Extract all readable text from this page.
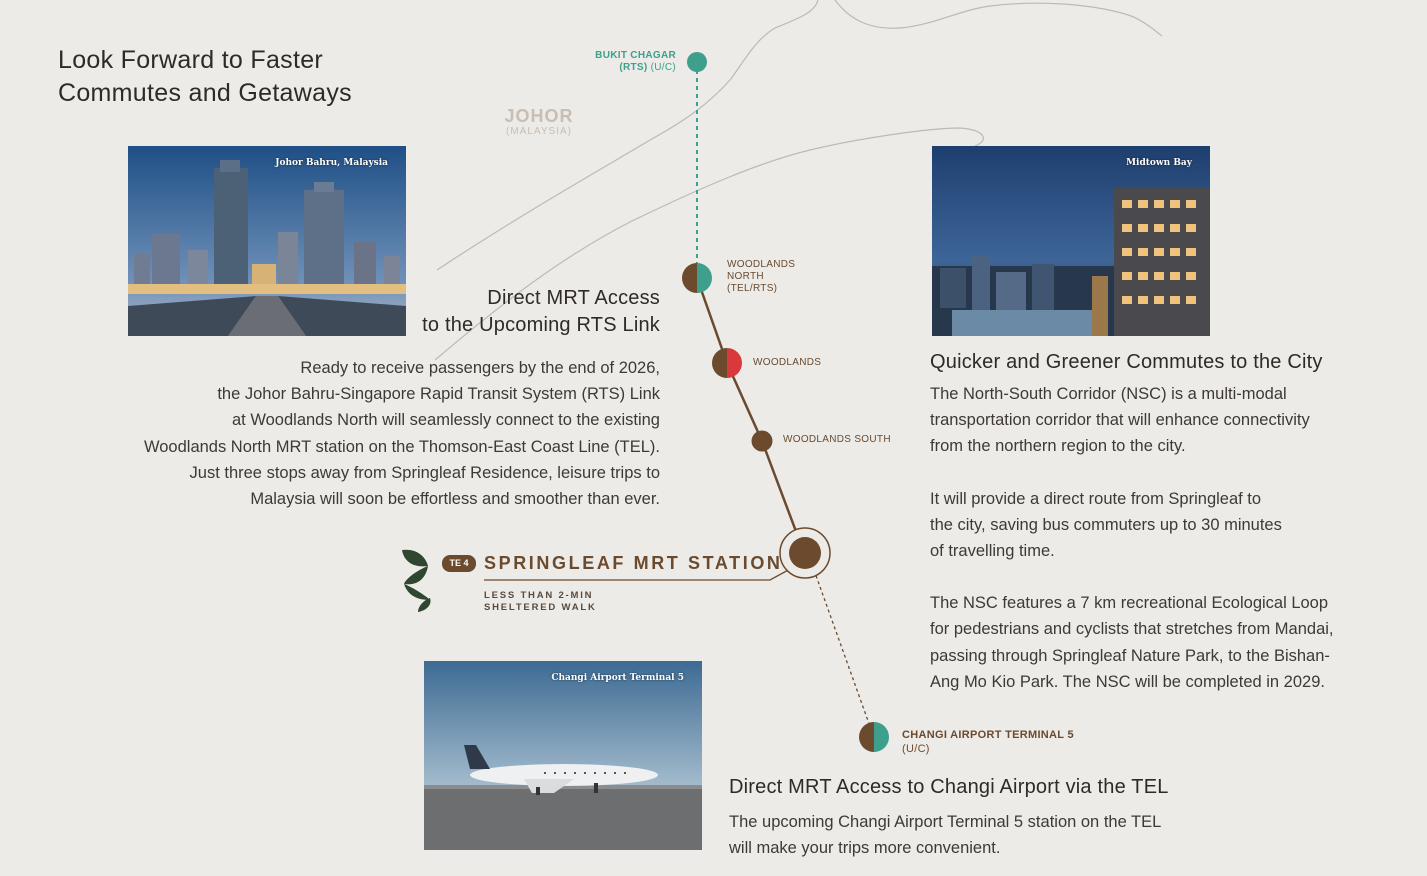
Look Forward to Faster
Commutes and Getaways
JOHOR
(MALAYSIA)
Johor Bahru, Malaysia	Midtown Bay
Changi Airport Terminal 5
Direct MRT Access
to the Upcoming RTS Link
Ready to receive passengers by the end of 2026,
the Johor Bahru-Singapore Rapid Transit System (RTS) Link
at Woodlands North will seamlessly connect to the existing
Woodlands North MRT station on the Thomson-East Coast Line (TEL).
Just three stops away from Springleaf Residence, leisure trips to
Malaysia will soon be effortless and smoother than ever.
BUKIT CHAGAR
(RTS) (U/C)
WOODLANDS
NORTH
(TEL/RTS)
WOODLANDS
WOODLANDS SOUTH
CHANGI AIRPORT TERMINAL 5
(U/C)
TE 4 SPRINGLEAF MRT STATION
LESS THAN 2-MIN
SHELTERED WALK
Quicker and Greener Commutes to the City
The North-South Corridor (NSC) is a multi-modal
transportation corridor that will enhance connectivity
from the northern region to the city.
It will provide a direct route from Springleaf to
the city, saving bus commuters up to 30 minutes
of travelling time.
The NSC features a 7 km recreational Ecological Loop
for pedestrians and cyclists that stretches from Mandai,
passing through Springleaf Nature Park, to the Bishan-
Ang Mo Kio Park. The NSC will be completed in 2029.
Direct MRT Access to Changi Airport via the TEL
The upcoming Changi Airport Terminal 5 station on the TEL
will make your trips more convenient.
